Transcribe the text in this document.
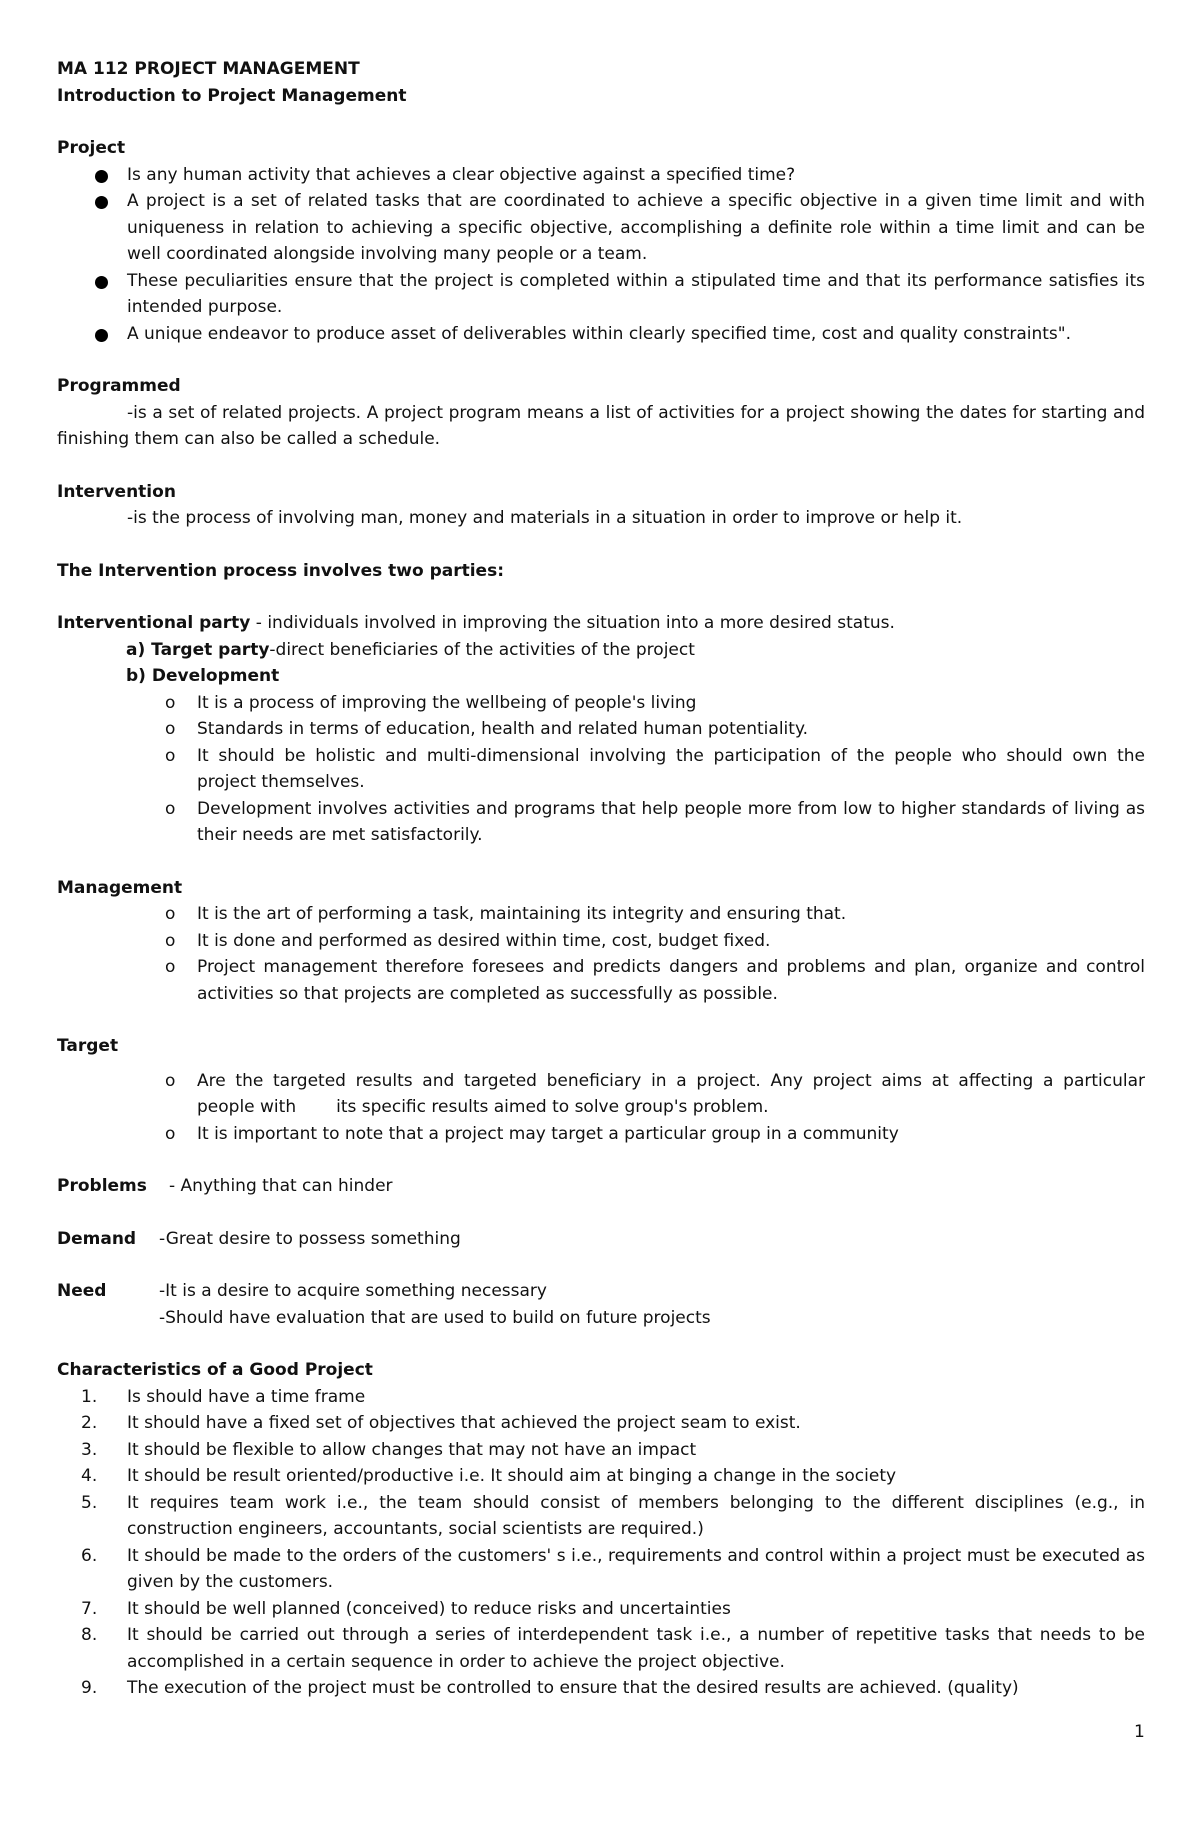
MA 112 PROJECT MANAGEMENT
Introduction to Project Management
Project
Is any human activity that achieves a clear objective against a specified time?
A project is a set of related tasks that are coordinated to achieve a specific objective in a given time limit and with uniqueness in relation to achieving a specific objective, accomplishing a definite role within a time limit and can be well coordinated alongside involving many people or a team.
These peculiarities ensure that the project is completed within a stipulated time and that its performance satisfies its intended purpose.
A unique endeavor to produce asset of deliverables within clearly specified time, cost and quality constraints".
Programmed
-is a set of related projects. A project program means a list of activities for a project showing the dates for starting and finishing them can also be called a schedule.
Intervention
-is the process of involving man, money and materials in a situation in order to improve or help it.
The Intervention process involves two parties:
Interventional party - individuals involved in improving the situation into a more desired status.
a) Target party-direct beneficiaries of the activities of the project
b) Development
o It is a process of improving the wellbeing of people's living
o Standards in terms of education, health and related human potentiality.
o It should be holistic and multi-dimensional involving the participation of the people who should own the project themselves.
o Development involves activities and programs that help people more from low to higher standards of living as their needs are met satisfactorily.
Management
o It is the art of performing a task, maintaining its integrity and ensuring that.
o It is done and performed as desired within time, cost, budget fixed.
o Project management therefore foresees and predicts dangers and problems and plan, organize and control activities so that projects are completed as successfully as possible.
Target
o Are the targeted results and targeted beneficiary in a project. Any project aims at affecting a particular
people with its specific results aimed to solve group's problem.
o It is important to note that a project may target a particular group in a community
Problems	- Anything that can hinder
Demand	-Great desire to possess something
Need	-It is a desire to acquire something necessary
-Should have evaluation that are used to build on future projects
Characteristics of a Good Project
1.	Is should have a time frame
2.	It should have a fixed set of objectives that achieved the project seam to exist.
3.	It should be flexible to allow changes that may not have an impact
4.	It should be result oriented/productive i.e. It should aim at binging a change in the society
5.	It requires team work i.e., the team should consist of members belonging to the different disciplines (e.g., in construction engineers, accountants, social scientists are required.)
6.	It should be made to the orders of the customers' s i.e., requirements and control within a project must be executed as given by the customers.
7.	It should be well planned (conceived) to reduce risks and uncertainties
8.	It should be carried out through a series of interdependent task i.e., a number of repetitive tasks that needs to be accomplished in a certain sequence in order to achieve the project objective.
9.	The execution of the project must be controlled to ensure that the desired results are achieved. (quality)
1
